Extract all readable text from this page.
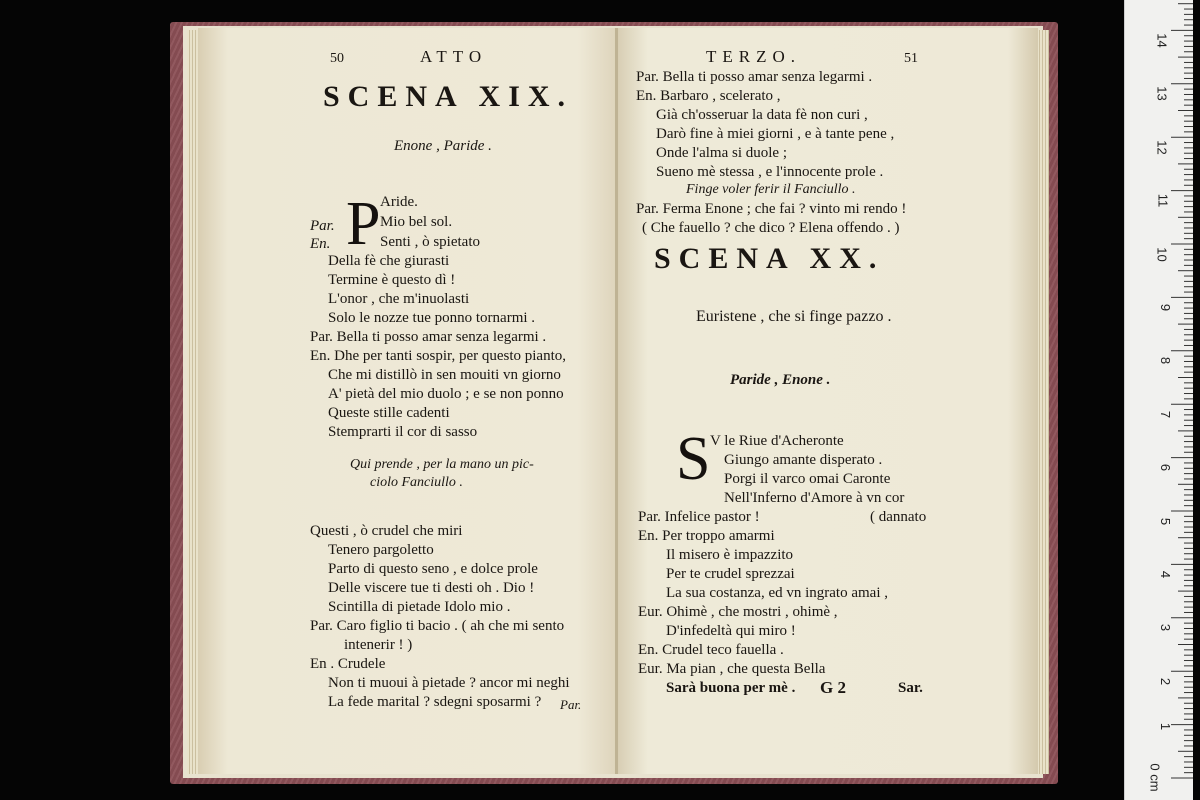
50	ATTO
SCENA XIX.
Enone , Paride .
P Aride.
Par.	Mio bel sol.
En.	Senti , ò spietato
Della fè che giurasti
Termine è questo dì !
L'onor , che m'inuolasti
Solo le nozze tue ponno tornarmi .
Par. Bella ti posso amar senza legarmi .
En. Dhe per tanti sospir, per questo pianto,
Che mi distillò in sen mouiti vn giorno
A' pietà del mio duolo ; e se non ponno
Queste stille cadenti
Stemprarti il cor di sasso
Qui prende , per la mano un pic-
ciolo Fanciullo .
Questi , ò crudel che miri
Tenero pargoletto
Parto di questo seno , e dolce prole
Delle viscere tue ti desti oh . Dio !
Scintilla di pietade Idolo mio .
Par. Caro figlio ti bacio . ( ah che mi sento
intenerir ! )
En . Crudele
Non ti muoui à pietade ? ancor mi neghi
La fede marital ? sdegni sposarmi ? Par.
TERZO.	51
Par. Bella ti posso amar senza legarmi .
En. Barbaro , scelerato ,
Già ch'osseruar la data fè non curi ,
Darò fine à miei giorni , e à tante pene ,
Onde l'alma si duole ;
Sueno mè stessa , e l'innocente prole .
Finge voler ferir il Fanciullo .
Par. Ferma Enone ; che fai ? vinto mi rendo !
( Che fauello ? che dico ? Elena offendo . )
SCENA XX.
Euristene , che si finge pazzo .
Paride , Enone .
S V le Riue d'Acheronte
Giungo amante disperato .
Porgi il varco omai Caronte
Nell'Inferno d'Amore à vn cor
Par. Infelice pastor !	( dannato
En. Per troppo amarmi
Il misero è impazzito
Per te crudel sprezzai
La sua costanza, ed vn ingrato amai ,
Eur. Ohimè , che mostri , ohimè ,
D'infedeltà qui miro !
En. Crudel teco fauella .
Eur. Ma pian , che questa Bella
Sarà buona per mè . G 2	Sar.
0 cm
1
2
3
4
5
6
7
8
9
10
11
12
13
14
